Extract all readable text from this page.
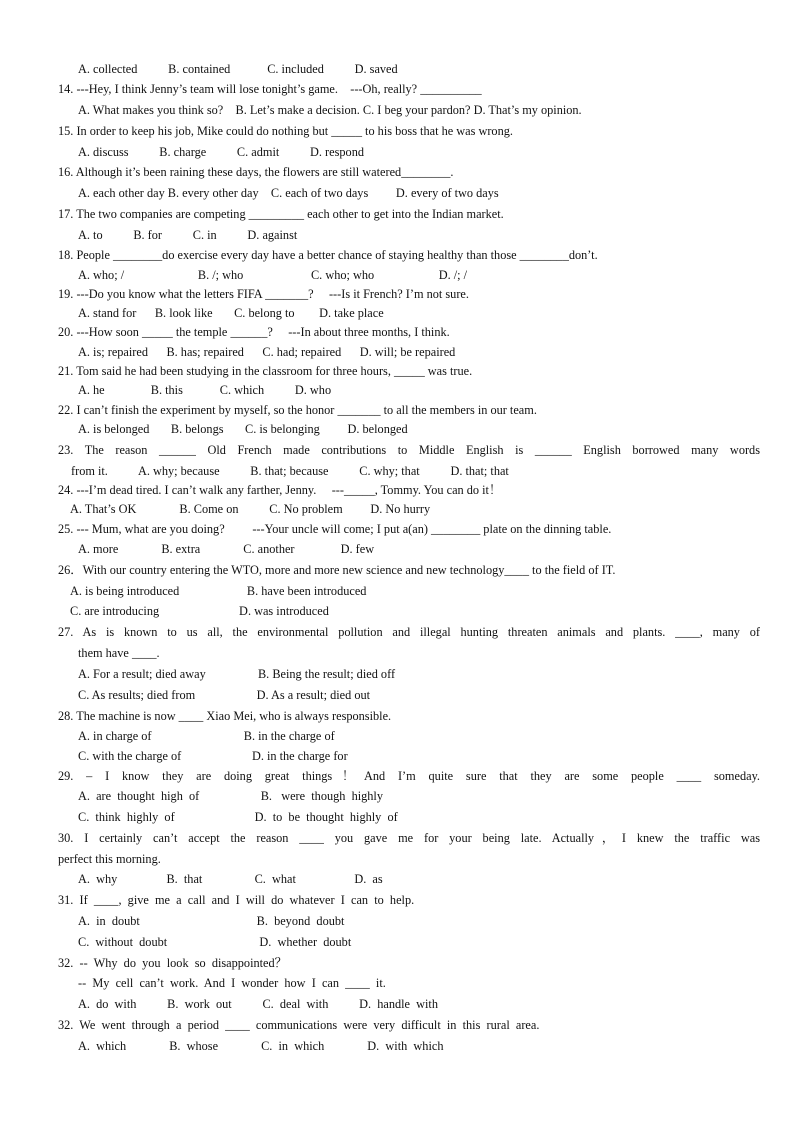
A. collected          B. contained            C. included          D. saved
14. ---Hey, I think Jenny’s team will lose tonight’s game.    ---Oh, really? __________
A. What makes you think so?    B. Let’s make a decision. C. I beg your pardon? D. That’s my opinion.
15. In order to keep his job, Mike could do nothing but _____ to his boss that he was wrong.
A. discuss          B. charge          C. admit          D. respond
16. Although it’s been raining these days, the flowers are still watered________.
A. each other day B. every other day    C. each of two days         D. every of two days
17. The two companies are competing _________ each other to get into the Indian market.
A. to          B. for          C. in          D. against
18. People ________do exercise every day have a better chance of staying healthy than those ________don’t.
A. who; /                        B. /; who                      C. who; who                     D. /; /
19. ---Do you know what the letters FIFA _______?     ---Is it French? I’m not sure.
A. stand for      B. look like       C. belong to        D. take place
20. ---How soon _____ the temple ______?     ---In about three months, I think.
A. is; repaired      B. has; repaired      C. had; repaired      D. will; be repaired
21. Tom said he had been studying in the classroom for three hours, _____ was true.
A. he               B. this            C. which          D. who
22. I can’t finish the experiment by myself, so the honor _______ to all the members in our team.
A. is belonged       B. belongs       C. is belonging         D. belonged
23. The reason ______ Old French made contributions to Middle English is ______ English borrowed many words
from it.          A. why; because          B. that; because          C. why; that          D. that; that
24. ---I’m dead tired. I can’t walk any farther, Jenny.     ---_____, Tommy. You can do it！
A. That’s OK              B. Come on          C. No problem         D. No hurry
25. --- Mum, what are you doing?         ---Your uncle will come; I put a(an) ________ plate on the dinning table.
A. more              B. extra              C. another               D. few
26．With our country entering the WTO, more and more new science and new technology____ to the field of IT.
A. is being introduced                      B. have been introduced
C. are introducing                          D. was introduced
27. As is known to us all, the environmental pollution and illegal hunting threaten animals and plants. ____, many of
them have ____.
A. For a result; died away                 B. Being the result; died off
C. As results; died from                    D. As a result; died out
28. The machine is now ____ Xiao Mei, who is always responsible.
A. in charge of                              B. in the charge of
C. with the charge of                       D. in the charge for
29. – I know they are doing great things！And I’m quite sure that they are some people ____ someday.
A.  are  thought  high  of                    B.   were  though  highly
C.  think  highly  of                          D.  to  be  thought  highly  of
30. I certainly can’t accept the reason ____ you gave me for your being late. Actually，I knew the traffic was
perfect this morning.
A.  why                B.  that                 C.  what                   D.  as
31.  If  ____,  give  me  a  call  and  I  will  do  whatever  I  can  to  help.
A.  in  doubt                                      B.  beyond  doubt
C.  without  doubt                              D.  whether  doubt
32.  --  Why  do  you  look  so  disappointed？
--  My  cell  can’t  work.  And  I  wonder  how  I  can  ____  it.
A.  do  with          B.  work  out          C.  deal  with          D.  handle  with
32.  We  went  through  a  period  ____  communications  were  very  difficult  in  this  rural  area.
A.  which              B.  whose              C.  in  which              D.  with  which
